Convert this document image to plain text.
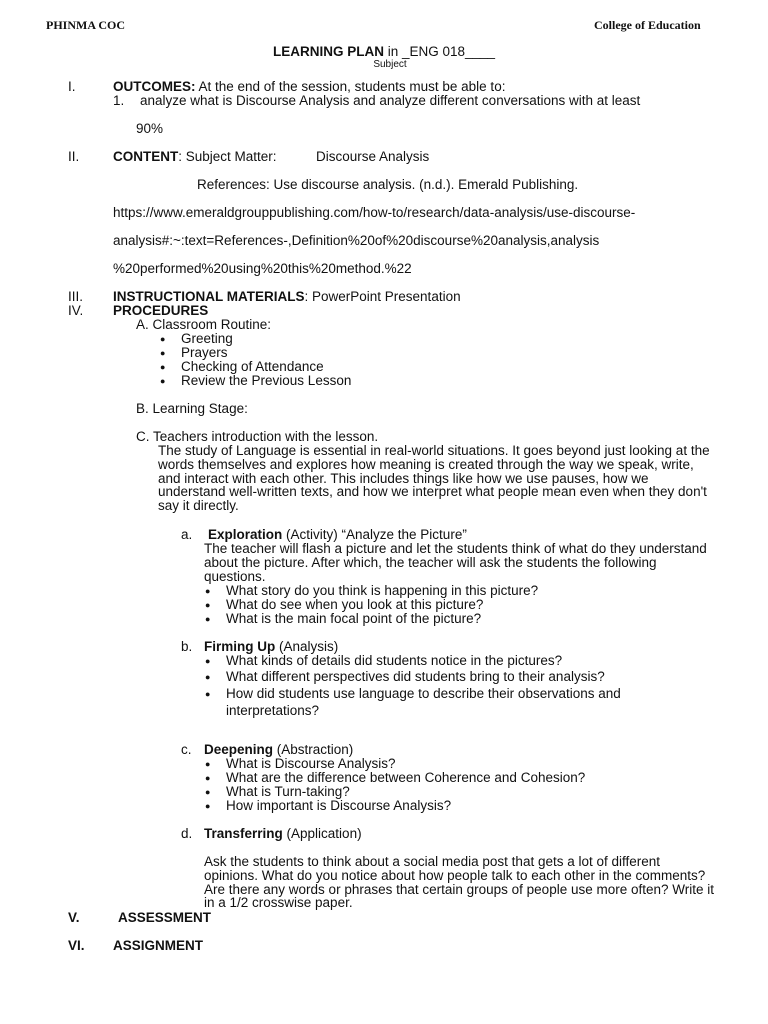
PHINMA COC	College of Education
LEARNING PLAN in _ENG 018____
Subject
I.	OUTCOMES: At the end of the session, students must be able to:
1. analyze what is Discourse Analysis and analyze different conversations with at least
90%
II. CONTENT: Subject Matter:	Discourse Analysis
References: Use discourse analysis. (n.d.). Emerald Publishing.
https://www.emeraldgrouppublishing.com/how-to/research/data-analysis/use-discourse-
analysis#:~:text=References-,Definition%20of%20discourse%20analysis,analysis
%20performed%20using%20this%20method.%22
III. INSTRUCTIONAL MATERIALS: PowerPoint Presentation
IV. PROCEDURES
A. Classroom Routine:
● Greeting
● Prayers
● Checking of Attendance
● Review the Previous Lesson
B. Learning Stage:
C. Teachers introduction with the lesson.
The study of Language is essential in real-world situations. It goes beyond just looking at the words themselves and explores how meaning is created through the way we speak, write, and interact with each other. This includes things like how we use pauses, how we understand well-written texts, and how we interpret what people mean even when they don't say it directly.
a. Exploration (Activity) “Analyze the Picture”
The teacher will flash a picture and let the students think of what do they understand about the picture. After which, the teacher will ask the students the following questions.
● What story do you think is happening in this picture?
● What do see when you look at this picture?
● What is the main focal point of the picture?
b. Firming Up (Analysis)
● What kinds of details did students notice in the pictures?
● What different perspectives did students bring to their analysis?
● How did students use language to describe their observations and
interpretations?
c. Deepening (Abstraction)
● What is Discourse Analysis?
● What are the difference between Coherence and Cohesion?
● What is Turn-taking?
● How important is Discourse Analysis?
d. Transferring (Application)
Ask the students to think about a social media post that gets a lot of different opinions. What do you notice about how people talk to each other in the comments? Are there any words or phrases that certain groups of people use more often? Write it in a 1/2 crosswise paper.
V.	ASSESSMENT
VI. ASSIGNMENT
